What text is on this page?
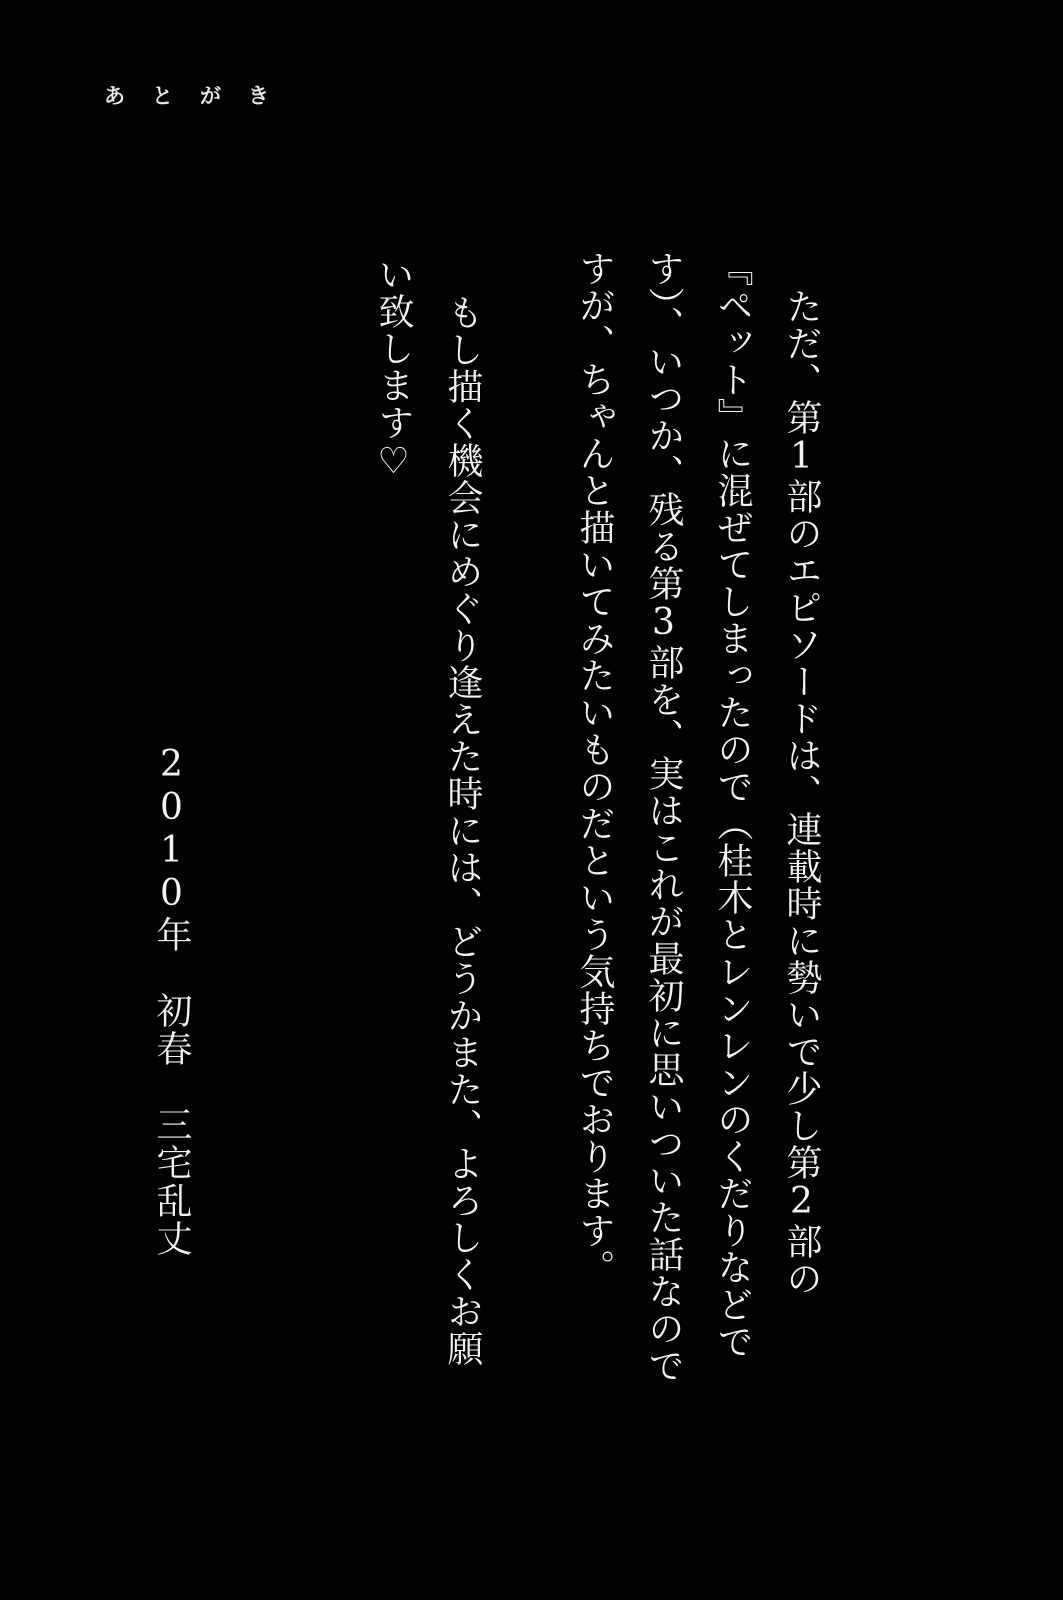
あとがき
ただ、第1部のエピソードは、連載時に勢いで少し第2部の
『ペット』に混ぜてしまったので（桂木とレンレンのくだりなどで
す）、いつか、残る第3部を、実はこれが最初に思いついた話なので
すが、ちゃんと描いてみたいものだという気持ちでおります。
もし描く機会にめぐり逢えた時には、どうかまた、よろしくお願
い致します♡
2010年　初春　三宅乱丈
